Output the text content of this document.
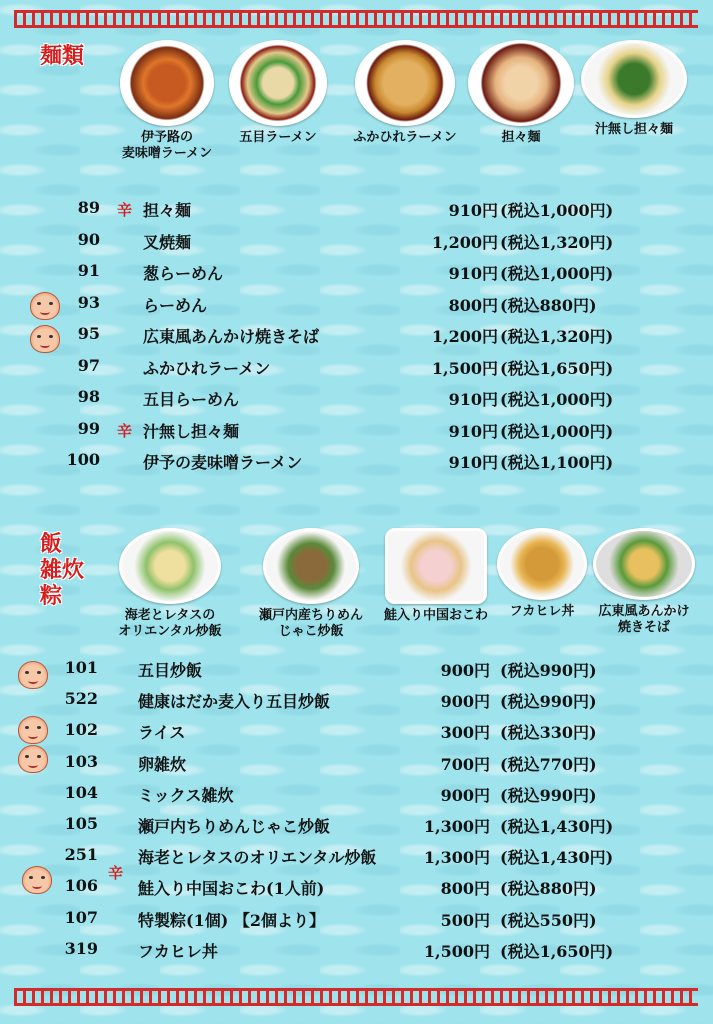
麺類
伊予路の
麦味噌ラーメン
五目ラーメン	ふかひれラーメン	担々麺
汁無し担々麺
89 辛 担々麺	910円 (税込1,000円)
90	叉焼麺	1,200円 (税込1,320円)
91	葱らーめん	910円 (税込1,000円)
93	らーめん	800円 (税込880円)
95	広東風あんかけ焼きそば	1,200円 (税込1,320円)
97	ふかひれラーメン	1,500円 (税込1,650円)
98	五目らーめん	910円 (税込1,000円)
99 辛 汁無し担々麺	910円 (税込1,000円)
100	伊予の麦味噌ラーメン	910円 (税込1,100円)
飯
雑炊
粽
海老とレタスの
オリエンタル炒飯
瀬戸内産ちりめん
じゃこ炒飯
鮭入り中国おこわ	フカヒレ丼	広東風あんかけ
焼きそば
101	五目炒飯	900円 (税込990円)
522	健康はだか麦入り五目炒飯	900円 (税込990円)
102	ライス	300円 (税込330円)
103	卵雑炊	700円 (税込770円)
104	ミックス雑炊	900円 (税込990円)
105	瀬戸内ちりめんじゃこ炒飯	1,300円 (税込1,430円)
251	海老とレタスのオリエンタル炒飯	1,300円 (税込1,430円)
106	鮭入り中国おこわ(1人前)	800円 (税込880円)
107	特製粽(1個) 【2個より】	500円 (税込550円)
319	フカヒレ丼	1,500円 (税込1,650円)
辛
